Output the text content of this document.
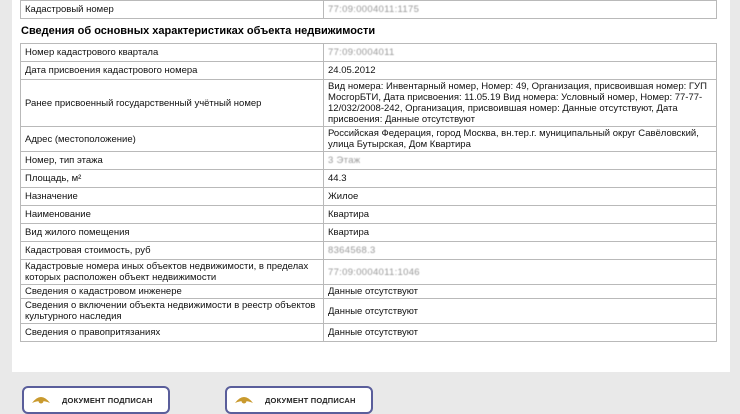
Кадастровый номер	77:09:0004011:1175
Сведения об основных характеристиках объекта недвижимости
Номер кадастрового квартала	77:09:0004011
Дата присвоения кадастрового номера	24.05.2012
Ранее присвоенный государственный учётный номер	Вид номера: Инвентарный номер, Номер: 49, Организация, присвоившая номер: ГУП МосгорБТИ, Дата присвоения: 11.05.19 Вид номера: Условный номер, Номер: 77-77-12/032/2008-242, Организация, присвоившая номер: Данные отсутствуют, Дата присвоения: Данные отсутствуют
Адрес (местоположение)	Российская Федерация, город Москва, вн.тер.г. муниципальный округ Савёловский, улица Бутырская, Дом Квартира
Номер, тип этажа	3 Этаж
Площадь, м²	44.3
Назначение	Жилое
Наименование	Квартира
Вид жилого помещения	Квартира
Кадастровая стоимость, руб	8364568.3
Кадастровые номера иных объектов недвижимости, в пределах которых расположен объект недвижимости	77:09:0004011:1046
Сведения о кадастровом инженере	Данные отсутствуют
Сведения о включении объекта недвижимости в реестр объектов культурного наследия	Данные отсутствуют
Сведения о правопритязаниях	Данные отсутствуют
ДОКУМЕНТ ПОДПИСАН	ДОКУМЕНТ ПОДПИСАН
